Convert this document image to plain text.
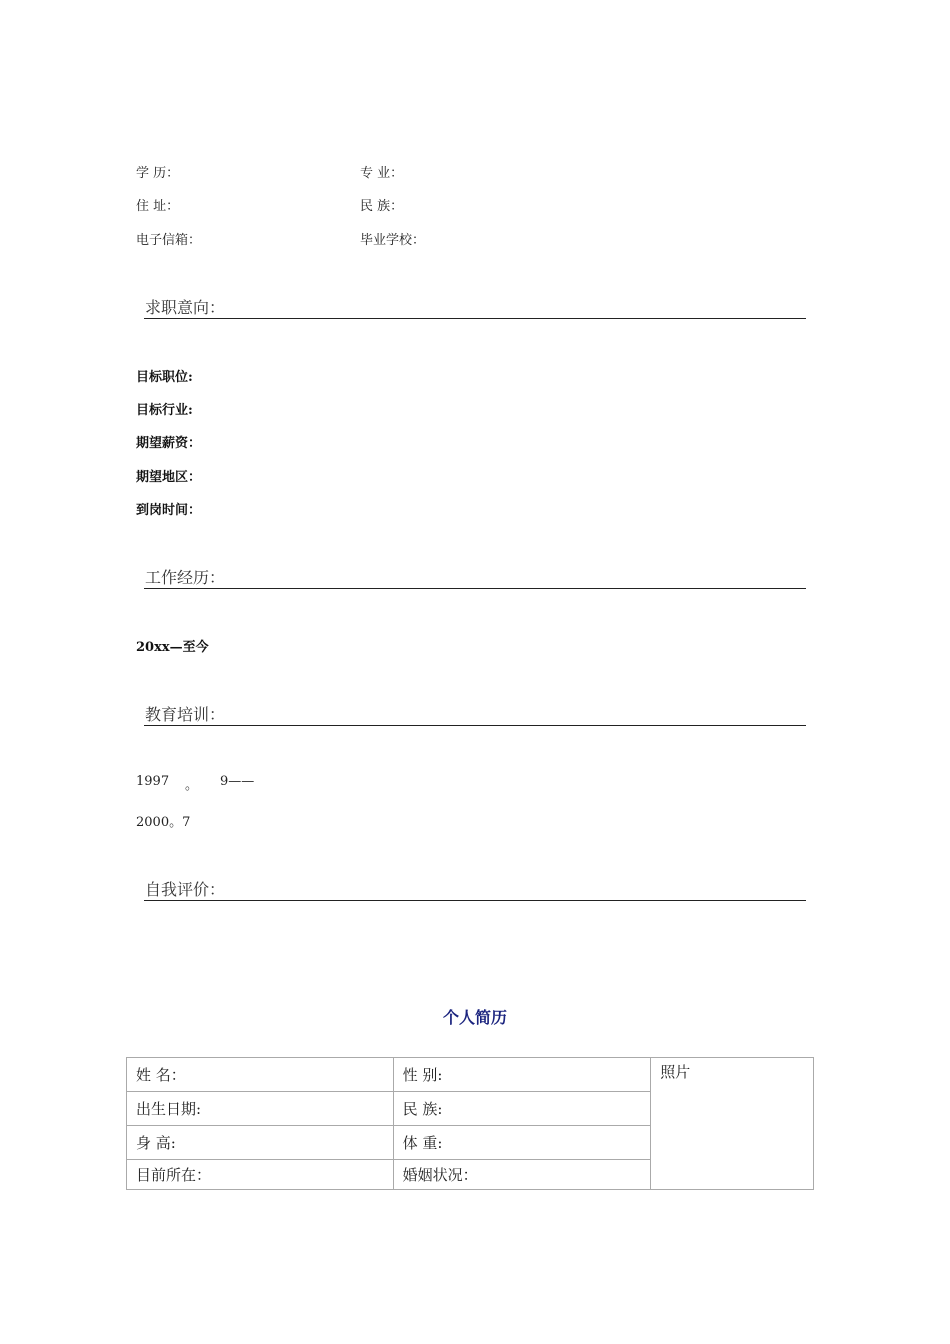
学 历：	专 业：
住 址：	民 族：
电子信箱：	毕业学校：
求职意向：
目标职位:
目标行业:
期望薪资：
期望地区：
到岗时间：
工作经历：
20xx—至今
教育培训：
1997 。 9——
2000。7
自我评价：
个人简历
姓 名：	性 别:	照片
出生日期:	民 族:	
身 高:	体 重:	
目前所在：	婚姻状况：	
